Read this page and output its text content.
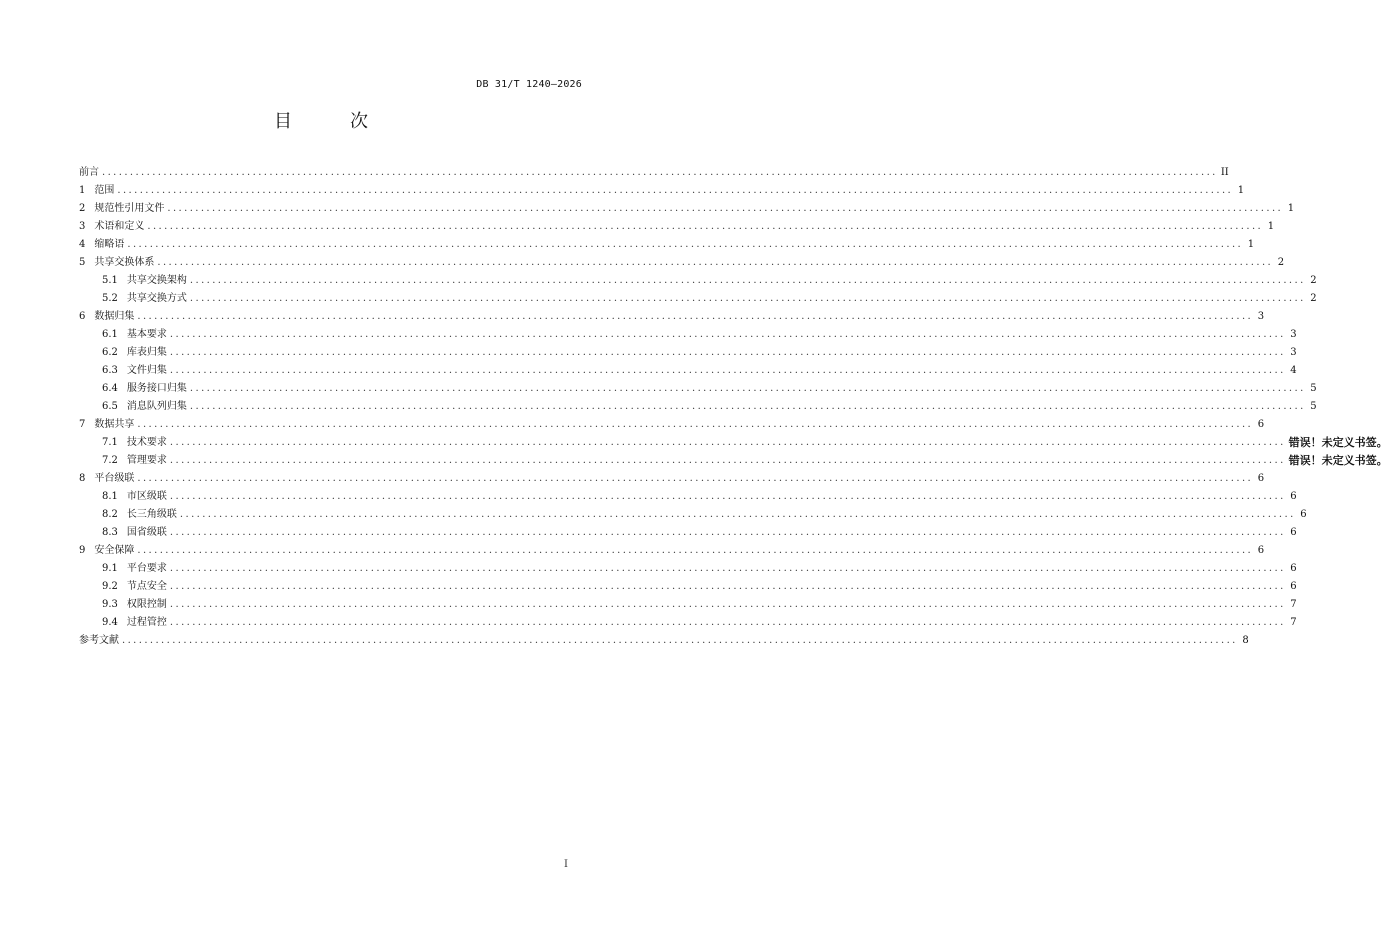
DB 31/T 1240—2026
目　次
前言 ........................................................................................................................................................................................................ II
1 范围 ........................................................................................................................................................................................................ 1
2 规范性引用文件 ........................................................................................................................................................................................................ 1
3 术语和定义 ........................................................................................................................................................................................................ 1
4 缩略语 ........................................................................................................................................................................................................ 1
5 共享交换体系 ........................................................................................................................................................................................................ 2
5.1 共享交换架构 ........................................................................................................................................................................................................ 2
5.2 共享交换方式 ........................................................................................................................................................................................................ 2
6 数据归集 ........................................................................................................................................................................................................ 3
6.1 基本要求 ........................................................................................................................................................................................................ 3
6.2 库表归集 ........................................................................................................................................................................................................ 3
6.3 文件归集 ........................................................................................................................................................................................................ 4
6.4 服务接口归集 ........................................................................................................................................................................................................ 5
6.5 消息队列归集 ........................................................................................................................................................................................................ 5
7 数据共享 ........................................................................................................................................................................................................ 6
7.1 技术要求 ........................................................................................................................................................................................................ 错误！未定义书签。
7.2 管理要求 ........................................................................................................................................................................................................ 错误！未定义书签。
8 平台级联 ........................................................................................................................................................................................................ 6
8.1 市区级联 ........................................................................................................................................................................................................ 6
8.2 长三角级联 ........................................................................................................................................................................................................ 6
8.3 国省级联 ........................................................................................................................................................................................................ 6
9 安全保障 ........................................................................................................................................................................................................ 6
9.1 平台要求 ........................................................................................................................................................................................................ 6
9.2 节点安全 ........................................................................................................................................................................................................ 6
9.3 权限控制 ........................................................................................................................................................................................................ 7
9.4 过程管控 ........................................................................................................................................................................................................ 7
参考文献 ........................................................................................................................................................................................................ 8
I
